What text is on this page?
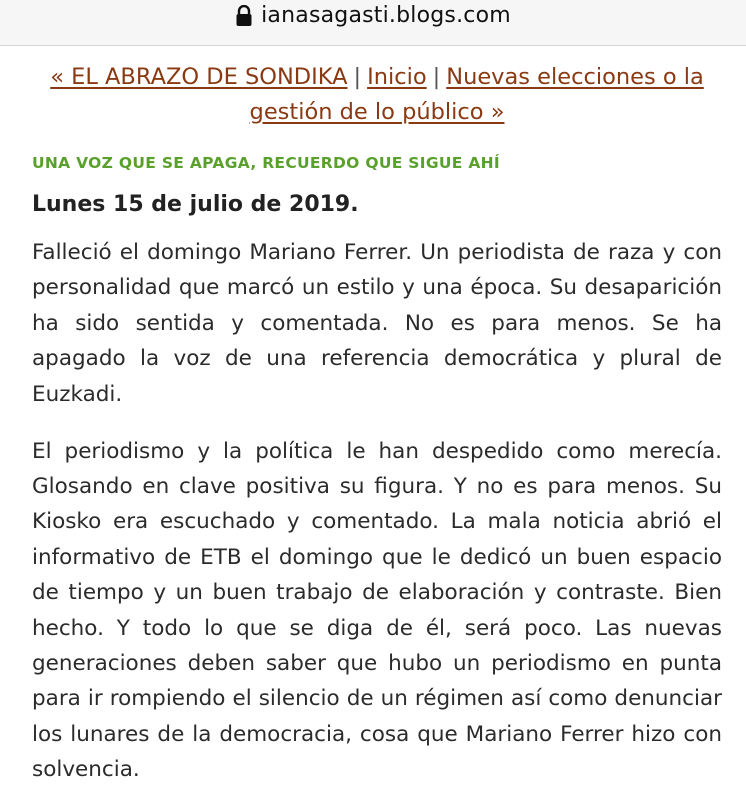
ianasagasti.blogs.com
« EL ABRAZO DE SONDIKA | Inicio | Nuevas elecciones o la gestión de lo público »
UNA VOZ QUE SE APAGA, RECUERDO QUE SIGUE AHÍ
Lunes 15 de julio de 2019.

Falleció el domingo Mariano Ferrer. Un periodista de raza y con personalidad que marcó un estilo y una época. Su desaparición ha sido sentida y comentada. No es para menos. Se ha apagado la voz de una referencia democrática y plural de Euzkadi.

El periodismo y la política le han despedido como merecía. Glosando en clave positiva su figura. Y no es para menos. Su Kiosko era escuchado y comentado. La mala noticia abrió el informativo de ETB el domingo que le dedicó un buen espacio de tiempo y un buen trabajo de elaboración y contraste. Bien hecho. Y todo lo que se diga de él, será poco. Las nuevas generaciones deben saber que hubo un periodismo en punta para ir rompiendo el silencio de un régimen así como denunciar los lunares de la democracia, cosa que Mariano Ferrer hizo con solvencia.
